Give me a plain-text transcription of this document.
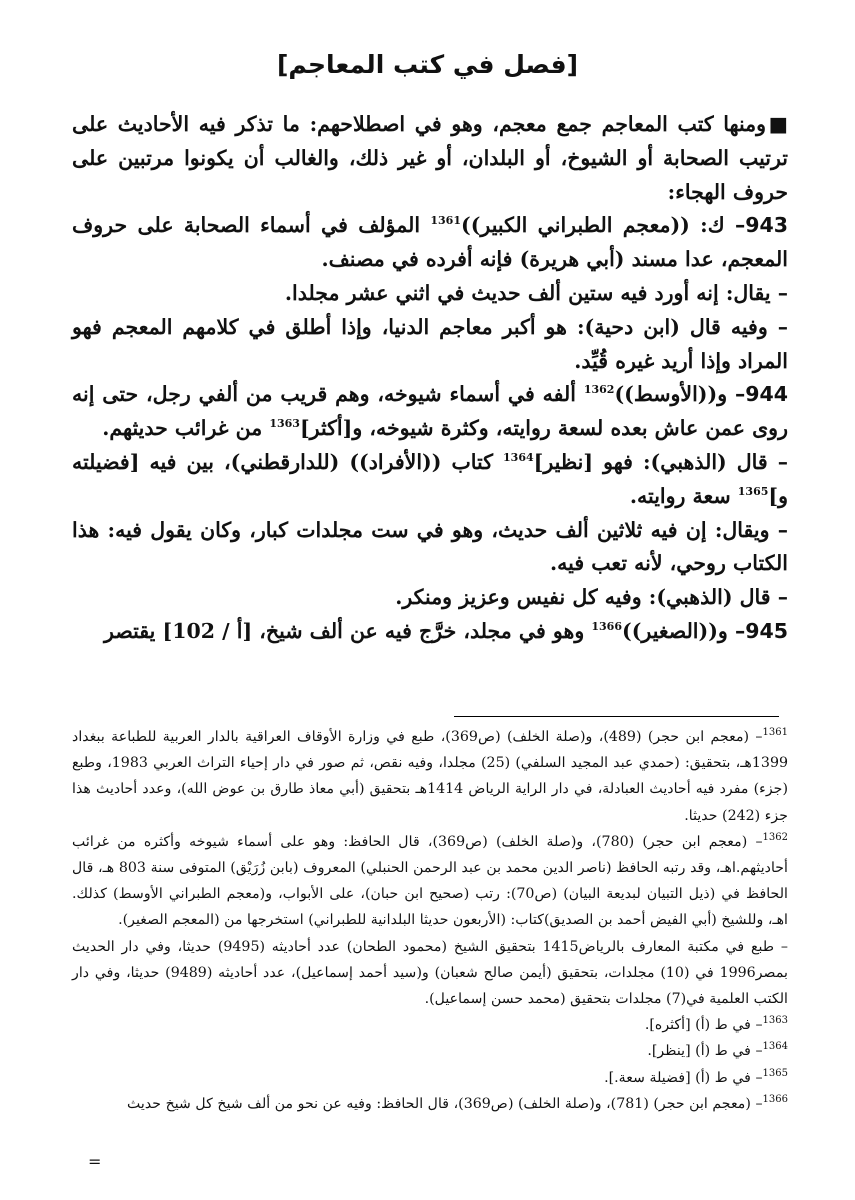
[فصل في كتب المعاجم]

■ومنها كتب المعاجم جمع معجم، وهو في اصطلاحهم: ما تذكر فيه الأحاديث على ترتيب الصحابة أو الشيوخ، أو البلدان، أو غير ذلك، والغالب أن يكونوا مرتبين على حروف الهجاء:

943– ك: ((معجم الطبراني الكبير))$^{1361}$ المؤلف في أسماء الصحابة على حروف المعجم، عدا مسند (أبي هريرة) فإنه أفرده في مصنف.

– يقال: إنه أورد فيه ستين ألف حديث في اثني عشر مجلدا.

– وفيه قال (ابن دحية): هو أكبر معاجم الدنيا، وإذا أطلق في كلامهم المعجم فهو المراد وإذا أريد غيره قُيِّد.

944– و((الأوسط))$^{1362}$ ألفه في أسماء شيوخه، وهم قريب من ألفي رجل، حتى إنه روى عمن عاش بعده لسعة روايته، وكثرة شيوخه، و[أكثر]$^{1363}$ من غرائب حديثهم.

– قال (الذهبي): فهو [نظير]$^{1364}$ كتاب ((الأفراد)) (للدارقطني)، بين فيه [فضيلته و]$^{1365}$ سعة روايته.

– ويقال: إن فيه ثلاثين ألف حديث، وهو في ست مجلدات كبار، وكان يقول فيه: هذا الكتاب روحي، لأنه تعب فيه.

– قال (الذهبي): وفيه كل نفيس وعزيز ومنكر.

945– و((الصغير))$^{1366}$ وهو في مجلد، خرَّج فيه عن ألف شيخ، [أ / 102] يقتصر

$^{1361}$– (معجم ابن حجر) (489)، و(صلة الخلف) (ص369)، طبع في وزارة الأوقاف العراقية بالدار العربية للطباعة ببغداد 1399هـ، بتحقيق: (حمدي عبد المجيد السلفي) (25) مجلدا، وفيه نقص، ثم صور في دار إحياء التراث العربي 1983، وطبع (جزء) مفرد فيه أحاديث العبادلة، في دار الراية الرياض 1414هـ بتحقيق (أبي معاذ طارق بن عوض الله)، وعدد أحاديث هذا جزء (242) حديثا.

$^{1362}$– (معجم ابن حجر) (780)، و(صلة الخلف) (ص369)، قال الحافظ: وهو على أسماء شيوخه وأكثره من غرائب أحاديثهم.اهـ، وقد رتبه الحافظ (ناصر الدين محمد بن عبد الرحمن الحنبلي) المعروف (بابن زُرَيْق) المتوفى سنة 803 هـ، قال الحافظ في (ذيل التبيان لبديعة البيان) (ص70): رتب (صحيح ابن حبان)، على الأبواب، و(معجم الطبراني الأوسط) كذلك. اهـ، وللشيخ (أبي الفيض أحمد بن الصديق)كتاب: (الأربعون حديثا البلدانية للطبراني) استخرجها من (المعجم الصغير).

– طبع في مكتبة المعارف بالرياض1415 بتحقيق الشيخ (محمود الطحان) عدد أحاديثه (9495) حديثا، وفي دار الحديث بمصر1996 في (10) مجلدات، بتحقيق (أيمن صالح شعبان) و(سيد أحمد إسماعيل)، عدد أحاديثه (9489) حديثا، وفي دار الكتب العلمية في(7) مجلدات بتحقيق (محمد حسن إسماعيل).

$^{1363}$– في ط (أ) [أكثره].

$^{1364}$– في ط (أ) [ينظر].

$^{1365}$– في ط (أ) [فضيلة سعة.].

$^{1366}$– (معجم ابن حجر) (781)، و(صلة الخلف) (ص369)، قال الحافظ: وفيه عن نحو من ألف شيخ كل شيخ حديث

=
